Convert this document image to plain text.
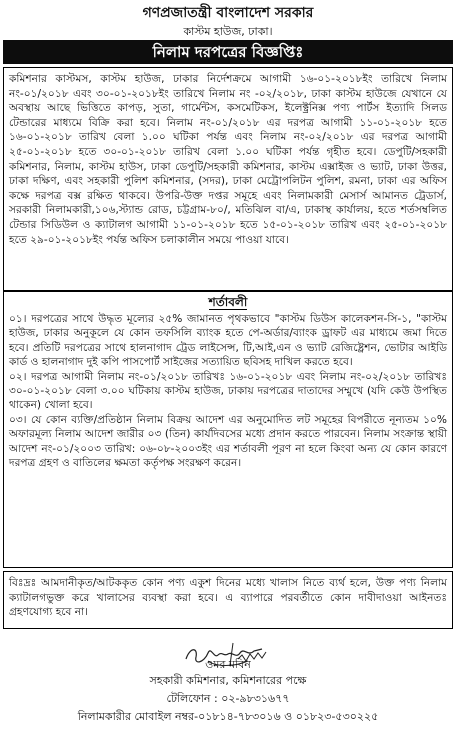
গণপ্রজাতন্ত্রী বাংলাদেশ সরকার
কাস্টম হাউজ, ঢাকা।
নিলাম দরপত্রের বিজ্ঞপ্তিঃ

কমিশনার কাস্টমস, কাস্টম হাউজ, ঢাকার নির্দেশক্রমে আগামী ১৬-০১-২০১৮ইং তারিখে নিলাম নং-০১/২০১৮ এবং ৩০-০১-২০১৮ইং তারিখে নিলাম নং -০২/২০১৮, ঢাকা কাস্টম হাউজে যেখানে যে অবস্থায় আছে ভিত্তিতে কাপড়, সুতা, গার্মেন্টস, কসমেটিকস, ইলেক্ট্রনিক্স পণ্য পার্টস ইত্যাদি সিলড টেন্ডারের মাধ্যমে বিক্রি করা হবে। নিলাম নং-০১/২০১৮ এর দরপত্র আগামী ১১-০১-২০১৮ হতে ১৬-০১-২০১৮ তারিখ বেলা ১.০০ ঘটিকা পর্যন্ত এবং নিলাম নং-০২/২০১৮ এর দরপত্র আগামী ২৫-০১-২০১৮ হতে ৩০-০১-২০১৮ তারিখ বেলা ১.০০ ঘটিকা পর্যন্ত গৃহীত হবে। ডেপুটি/সহকারী কমিশনার, নিলাম, কাস্টম হাউস, ঢাকা ডেপুটি/সহকারী কমিশনার, কাস্টম এক্সাইজ ও ভ্যাট, ঢাকা উত্তর, ঢাকা দক্ষিণ, এবং সহকারী পুলিশ কমিশনার, (সদর), ঢাকা মেট্রোপলিটন পুলিশ, রমনা, ঢাকা এর অফিস কক্ষে দরপত্র বক্স রক্ষিত থাকবে। উপরি-উক্ত দপ্তর সমূহে এবং নিলামকারী মেসার্স আমানত ট্রেডার্স, সরকারী নিলামকারী,১০৬,স্ট্যান্ড রোড, চট্টগ্রাম-৮০/, মতিঝিল বা/এ, ঢাকাস্থ কার্যালয়, হতে শর্তসম্বলিত টেন্ডার সিডিউল ও ক্যাটালগ আগামী ১১-০১-২০১৮ হতে ১৫-০১-২০১৮ তারিখ এবং ২৫-০১-২০১৮ হতে ২৯-০১-২০১৮ইং পর্যন্ত অফিস চলাকালীন সময়ে পাওয়া যাবে।

শর্তাবলী

০১। দরপত্রের সাথে উদ্ধৃত মূল্যের ২৫% জামানত পৃথকভাবে "কাস্টম ডিউস কালেকশন-সি-১, "কাস্টম হাউজ, ঢাকার অনুকূলে যে কোন তফসিলি ব্যাংক হতে পে-অর্ডার/ব্যাংক ড্রাফট এর মাধ্যমে জমা দিতে হবে। প্রতিটি দরপত্রের সাথে হালনাগাদ ট্রেড লাইসেন্স, টি,আই,এন ও ভ্যাট রেজিষ্ট্রেশন, ভোটার আইডি কার্ড ও হালনাগাদ দুই কপি পাসপোর্ট সাইজের সত্যায়িত ছবিসহ দাখিল করতে হবে।

০২। দরপত্র আগামী নিলাম নং-০১/২০১৮ তারিখঃ ১৬-০১-২০১৮ এবং নিলাম নং-০২/২০১৮ তারিখঃ ৩০-০১-২০১৮ বেলা ৩.০০ ঘটিকায় কাস্টম হাউজ, ঢাকায় দরপত্রের দাতাদের সম্মুখে (যদি কেউ উপস্থিত থাকেন) খোলা হবে।

০৩। যে কোন ব্যক্তি/প্রতিষ্ঠান নিলাম বিক্রয় আদেশ এর অনুমোদিত লট সমূহের বিপরীতে নূন্যতম ১০% অফারমূল্য নিলাম আদেশ জারীর ০৩ (তিন) কার্যদিবসের মধ্যে প্রদান করতে পারবেন। নিলাম সংক্রান্ত স্থায়ী আদেশ নং-০১/২০০৩ তারিখ: ০৬-০৮-২০০৩ইং এর শর্তাবলী পূরণ না হলে কিংবা অন্য যে কোন কারণে দরপত্র গ্রহণ ও বাতিলের ক্ষমতা কর্তৃপক্ষ সংরক্ষণ করেন।

বিঃদ্রঃ আমদানীকৃত/আটককৃত কোন পণ্য একুশ দিনের মধ্যে খালাস নিতে ব্যর্থ হলে, উক্ত পণ্য নিলাম ক্যাটালগভুক্ত করে খালাসের ব্যবস্থা করা হবে। এ ব্যাপারে পরবর্তীতে কোন দাবীদাওয়া আইনতঃ গ্রহণযোগ্য হবে না।

ওমর মবিন
সহকারী কমিশনার, কমিশনারের পক্ষে
টেলিফোন : ০২-৯৮৩১৬৭৭
নিলামকারীর মোবাইল নম্বর-০১৮১৪-৭৮৩০১৬ ও ০১৮২৩-৫৩০২২৫
